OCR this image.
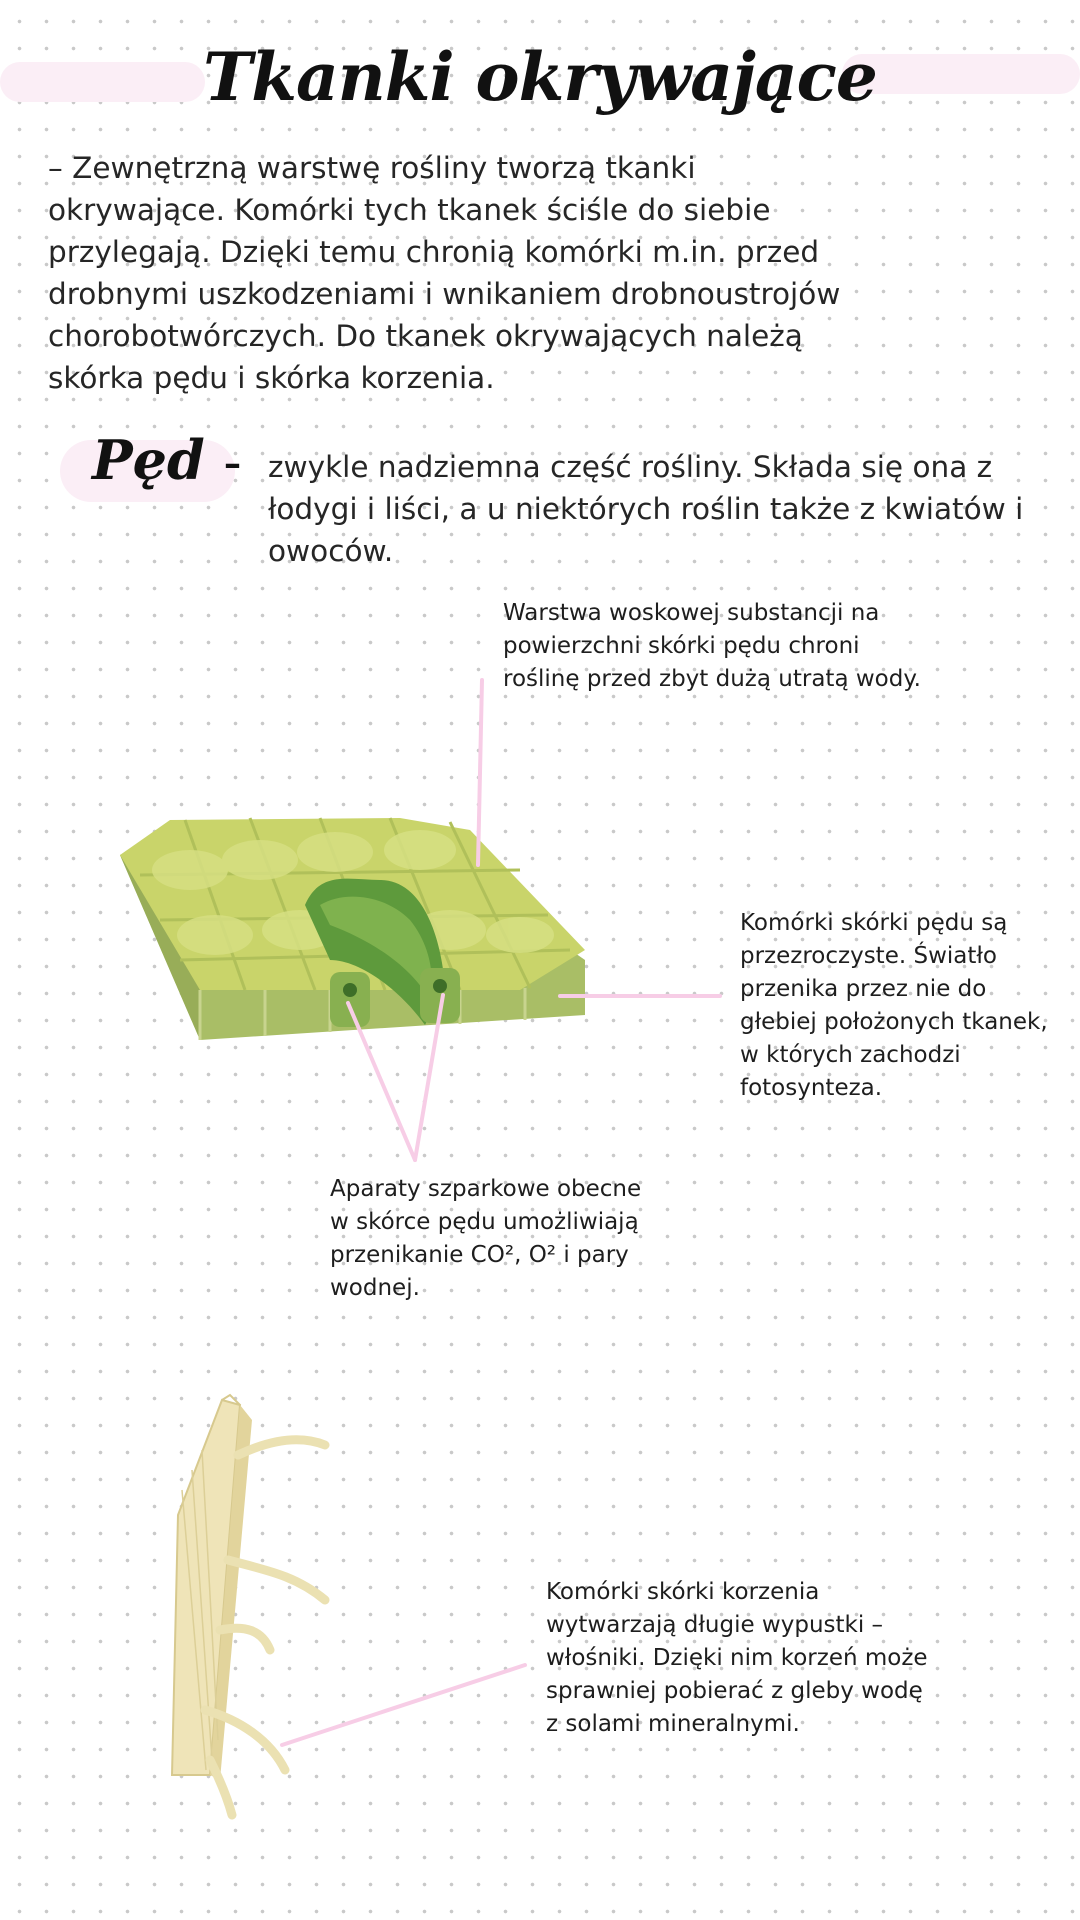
Tkanki okrywające
– Zewnętrzną warstwę rośliny tworzą tkanki okrywające. Komórki tych tkanek ściśle do siebie przylegają. Dzięki temu chronią komórki m.in. przed drobnymi uszkodzeniami i wnikaniem drobnoustrojów chorobotwórczych. Do tkanek okrywających należą skórka pędu i skórka korzenia.
Pęd – zwykle nadziemna część rośliny. Składa się ona z łodygi i liści, a u niektórych roślin także z kwiatów i owoców.
Warstwa woskowej substancji na powierzchni skórki pędu chroni roślinę przed zbyt dużą utratą wody.
Komórki skórki pędu są przezroczyste. Światło przenika przez nie do głebiej położonych tkanek, w których zachodzi fotosynteza.
Aparaty szparkowe obecne w skórce pędu umożliwiają przenikanie CO², O² i pary wodnej.
Komórki skórki korzenia wytwarzają długie wypustki – włośniki. Dzięki nim korzeń może sprawniej pobierać z gleby wodę z solami mineralnymi.
